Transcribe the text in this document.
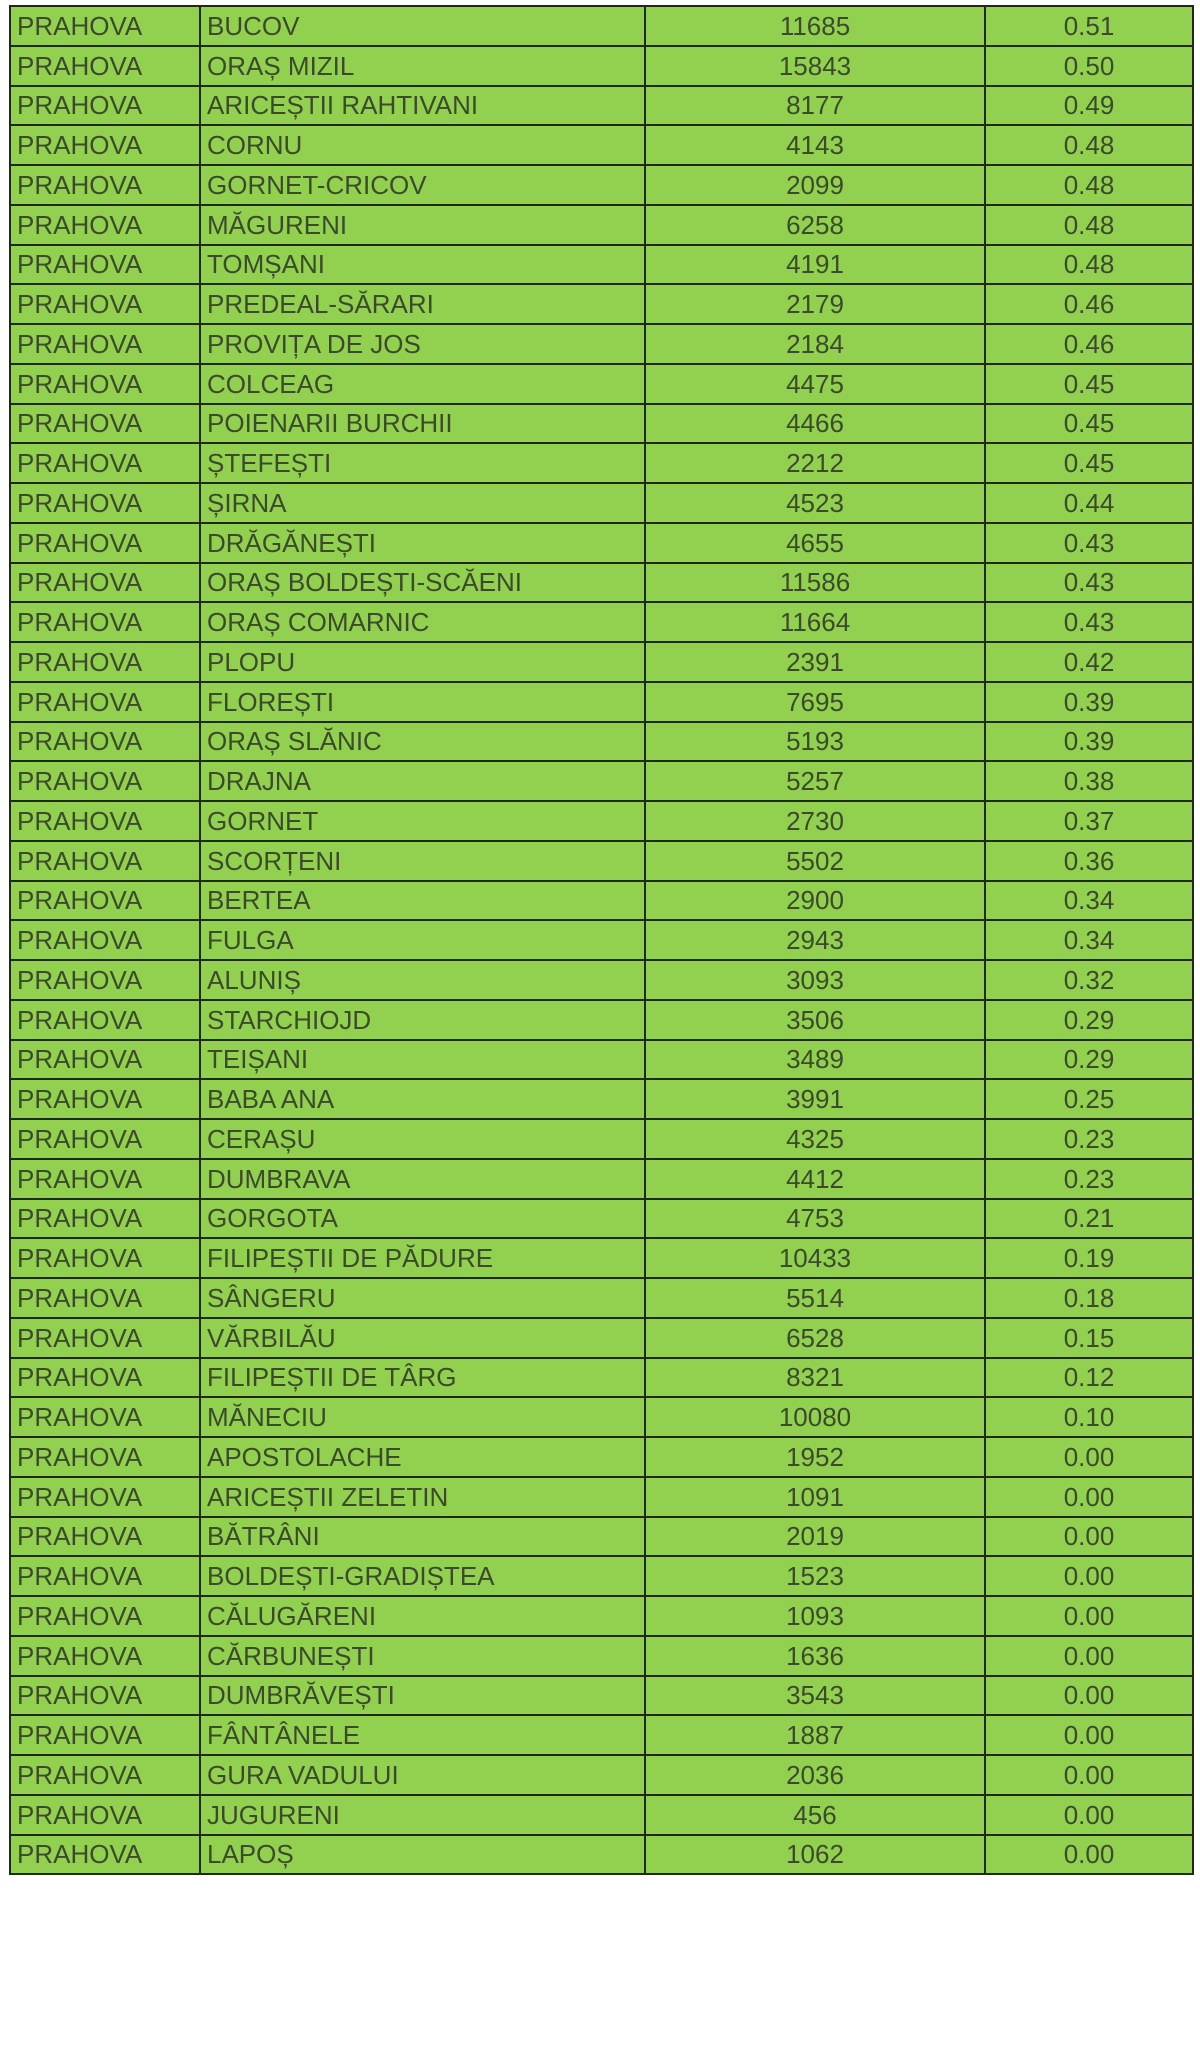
PRAHOVA	BUCOV	11685	0.51
PRAHOVA	ORAȘ MIZIL	15843	0.50
PRAHOVA	ARICEȘTII RAHTIVANI	8177	0.49
PRAHOVA	CORNU	4143	0.48
PRAHOVA	GORNET-CRICOV	2099	0.48
PRAHOVA	MĂGURENI	6258	0.48
PRAHOVA	TOMȘANI	4191	0.48
PRAHOVA	PREDEAL-SĂRARI	2179	0.46
PRAHOVA	PROVIȚA DE JOS	2184	0.46
PRAHOVA	COLCEAG	4475	0.45
PRAHOVA	POIENARII BURCHII	4466	0.45
PRAHOVA	ȘTEFEȘTI	2212	0.45
PRAHOVA	ȘIRNA	4523	0.44
PRAHOVA	DRĂGĂNEȘTI	4655	0.43
PRAHOVA	ORAȘ BOLDEȘTI-SCĂENI	11586	0.43
PRAHOVA	ORAȘ COMARNIC	11664	0.43
PRAHOVA	PLOPU	2391	0.42
PRAHOVA	FLOREȘTI	7695	0.39
PRAHOVA	ORAȘ SLĂNIC	5193	0.39
PRAHOVA	DRAJNA	5257	0.38
PRAHOVA	GORNET	2730	0.37
PRAHOVA	SCORȚENI	5502	0.36
PRAHOVA	BERTEA	2900	0.34
PRAHOVA	FULGA	2943	0.34
PRAHOVA	ALUNIȘ	3093	0.32
PRAHOVA	STARCHIOJD	3506	0.29
PRAHOVA	TEIȘANI	3489	0.29
PRAHOVA	BABA ANA	3991	0.25
PRAHOVA	CERAȘU	4325	0.23
PRAHOVA	DUMBRAVA	4412	0.23
PRAHOVA	GORGOTA	4753	0.21
PRAHOVA	FILIPEȘTII DE PĂDURE	10433	0.19
PRAHOVA	SÂNGERU	5514	0.18
PRAHOVA	VĂRBILĂU	6528	0.15
PRAHOVA	FILIPEȘTII DE TÂRG	8321	0.12
PRAHOVA	MĂNECIU	10080	0.10
PRAHOVA	APOSTOLACHE	1952	0.00
PRAHOVA	ARICEȘTII ZELETIN	1091	0.00
PRAHOVA	BĂTRÂNI	2019	0.00
PRAHOVA	BOLDEȘTI-GRADIȘTEA	1523	0.00
PRAHOVA	CĂLUGĂRENI	1093	0.00
PRAHOVA	CĂRBUNEȘTI	1636	0.00
PRAHOVA	DUMBRĂVEȘTI	3543	0.00
PRAHOVA	FÂNTÂNELE	1887	0.00
PRAHOVA	GURA VADULUI	2036	0.00
PRAHOVA	JUGURENI	456	0.00
PRAHOVA	LAPOȘ	1062	0.00
